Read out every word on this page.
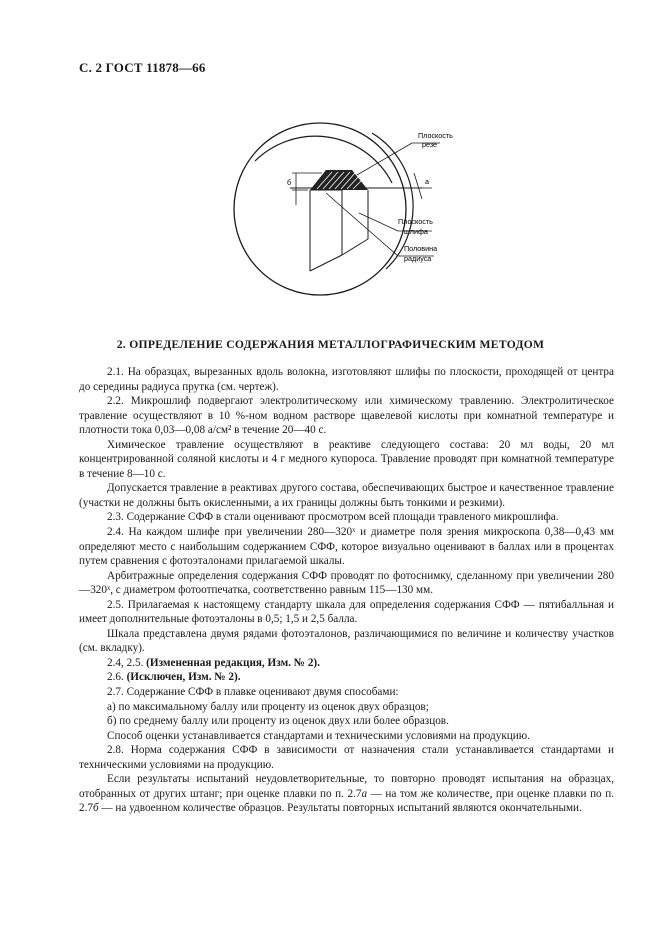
С. 2 ГОСТ 11878—66
б	а
Плоскость
резе
Плоскость
шлифа
Половина
радиуса
2. ОПРЕДЕЛЕНИЕ СОДЕРЖАНИЯ МЕТАЛЛОГРАФИЧЕСКИМ МЕТОДОМ

2.1. На образцах, вырезанных вдоль волокна, изготовляют шлифы по плоскости, проходящей от центра до середины радиуса прутка (см. чертеж).

2.2. Микрошлиф подвергают электролитическому или химическому травлению. Электролитическое травление осуществляют в 10 %-ном водном растворе щавелевой кислоты при комнатной температуре и плотности тока 0,03—0,08 а/см² в течение 20—40 с.

Химическое травление осуществляют в реактиве следующего состава: 20 мл воды, 20 мл концентрированной соляной кислоты и 4 г медного купороса. Травление проводят при комнатной температуре в течение 8—10 с.

Допускается травление в реактивах другого состава, обеспечивающих быстрое и качественное травление (участки не должны быть окисленными, а их границы должны быть тонкими и резкими).

2.3. Содержание СФФ в стали оценивают просмотром всей площади травленого микрошлифа.

2.4. На каждом шлифе при увеличении 280—320ˣ и диаметре поля зрения микроскопа 0,38—0,43 мм определяют место с наибольшим содержанием СФФ, которое визуально оценивают в баллах или в процентах путем сравнения с фотоэталонами прилагаемой шкалы.

Арбитражные определения содержания СФФ проводят по фотоснимку, сделанному при увеличении 280—320ˣ, с диаметром фотоотпечатка, соответственно равным 115—130 мм.

2.5. Прилагаемая к настоящему стандарту шкала для определения содержания СФФ — пятибалльная и имеет дополнительные фотоэталоны в 0,5; 1,5 и 2,5 балла.

Шкала представлена двумя рядами фотоэталонов, различающимися по величине и количеству участков (см. вкладку).

2.4, 2.5. (Измененная редакция, Изм. № 2).

2.6. (Исключен, Изм. № 2).

2.7. Содержание СФФ в плавке оценивают двумя способами:

а) по максимальному баллу или проценту из оценок двух образцов;

б) по среднему баллу или проценту из оценок двух или более образцов.

Способ оценки устанавливается стандартами и техническими условиями на продукцию.

2.8. Норма содержания СФФ в зависимости от назначения стали устанавливается стандартами и техническими условиями на продукцию.

Если результаты испытаний неудовлетворительные, то повторно проводят испытания на образцах, отобранных от других штанг; при оценке плавки по п. 2.7а — на том же количестве, при оценке плавки по п. 2.7б — на удвоенном количестве образцов. Результаты повторных испытаний являются окончательными.
